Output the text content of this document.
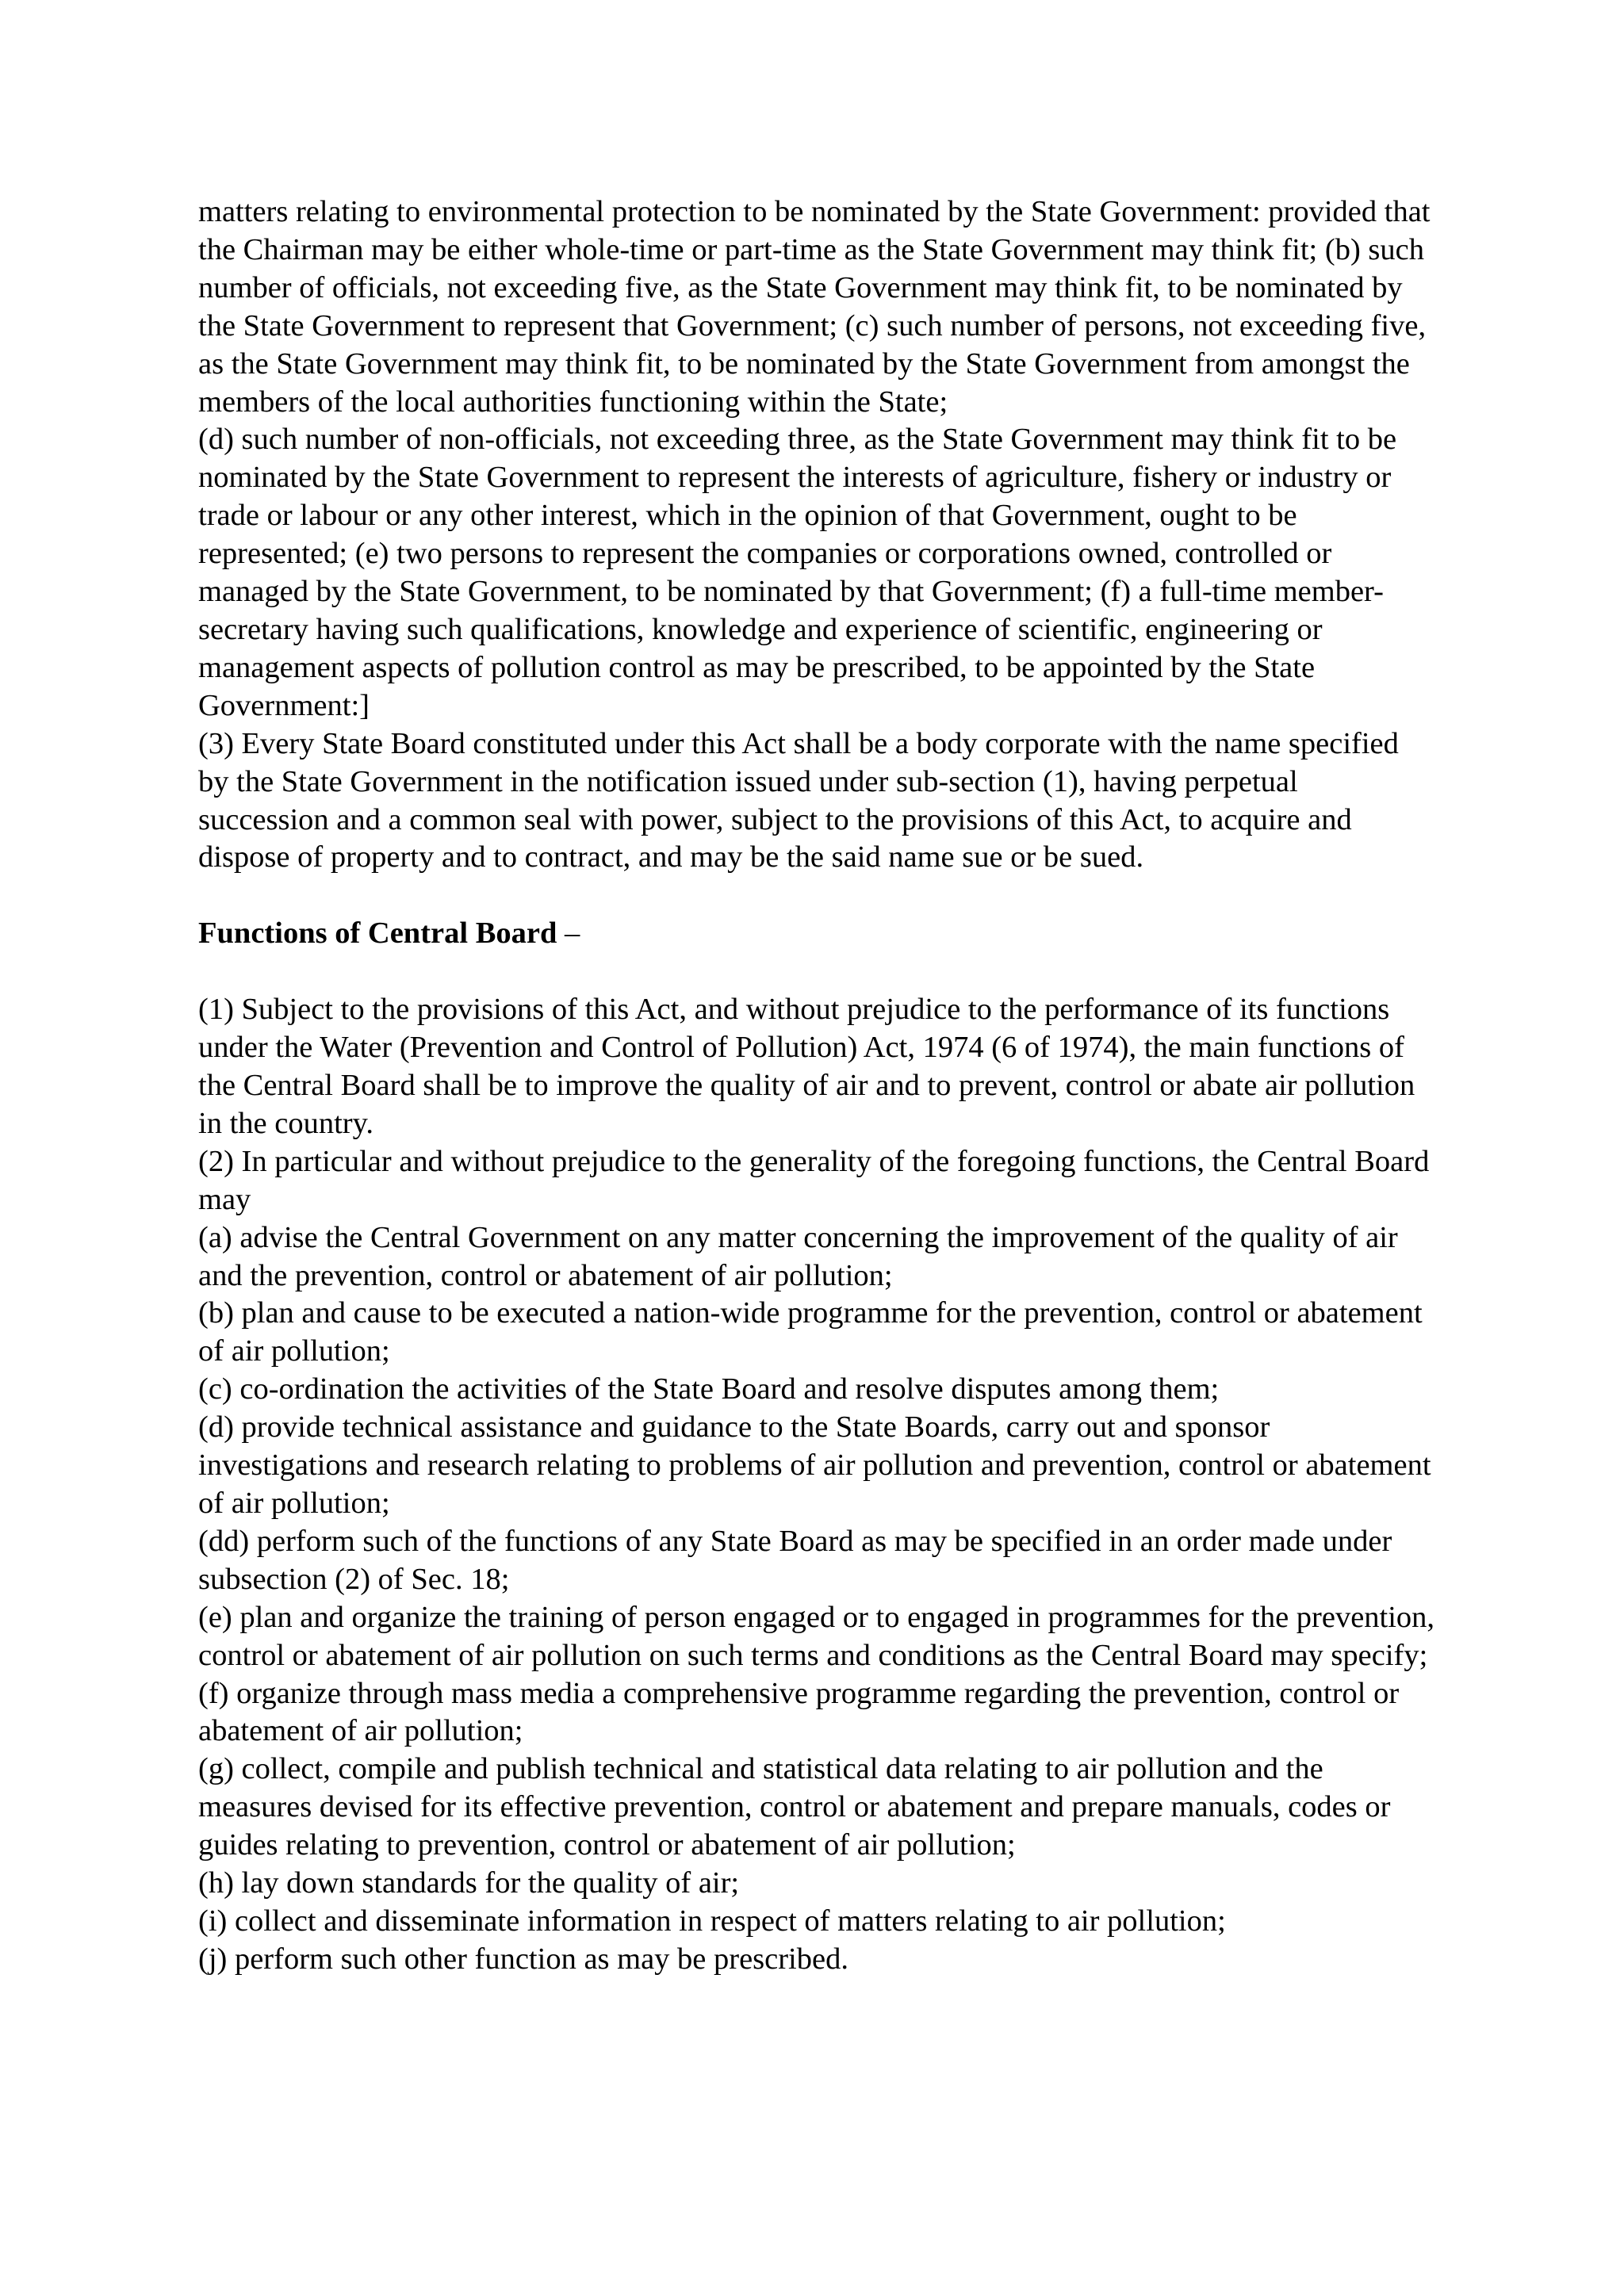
matters relating to environmental protection to be nominated by the State Government: provided that the Chairman may be either whole-time or part-time as the State Government may think fit; (b) such number of officials, not exceeding five, as the State Government may think fit, to be nominated by the State Government to represent that Government; (c) such number of persons, not exceeding five, as the State Government may think fit, to be nominated by the State Government from amongst the members of the local authorities functioning within the State;

(d) such number of non-officials, not exceeding three, as the State Government may think fit to be nominated by the State Government to represent the interests of agriculture, fishery or industry or trade or labour or any other interest, which in the opinion of that Government, ought to be represented; (e) two persons to represent the companies or corporations owned, controlled or managed by the State Government, to be nominated by that Government; (f) a full-time member-secretary having such qualifications, knowledge and experience of scientific, engineering or management aspects of pollution control as may be prescribed, to be appointed by the State Government:]

(3) Every State Board constituted under this Act shall be a body corporate with the name specified by the State Government in the notification issued under sub-section (1), having perpetual succession and a common seal with power, subject to the provisions of this Act, to acquire and dispose of property and to contract, and may be the said name sue or be sued.

Functions of Central Board –

(1) Subject to the provisions of this Act, and without prejudice to the performance of its functions under the Water (Prevention and Control of Pollution) Act, 1974 (6 of 1974), the main functions of the Central Board shall be to improve the quality of air and to prevent, control or abate air pollution in the country.

(2) In particular and without prejudice to the generality of the foregoing functions, the Central Board may

(a) advise the Central Government on any matter concerning the improvement of the quality of air and the prevention, control or abatement of air pollution;

(b) plan and cause to be executed a nation-wide programme for the prevention, control or abatement of air pollution;

(c) co-ordination the activities of the State Board and resolve disputes among them;

(d) provide technical assistance and guidance to the State Boards, carry out and sponsor investigations and research relating to problems of air pollution and prevention, control or abatement of air pollution;

(dd) perform such of the functions of any State Board as may be specified in an order made under subsection (2) of Sec. 18;

(e) plan and organize the training of person engaged or to engaged in programmes for the prevention, control or abatement of air pollution on such terms and conditions as the Central Board may specify;

(f) organize through mass media a comprehensive programme regarding the prevention, control or abatement of air pollution;

(g) collect, compile and publish technical and statistical data relating to air pollution and the measures devised for its effective prevention, control or abatement and prepare manuals, codes or guides relating to prevention, control or abatement of air pollution;

(h) lay down standards for the quality of air;

(i) collect and disseminate information in respect of matters relating to air pollution;

(j) perform such other function as may be prescribed.
